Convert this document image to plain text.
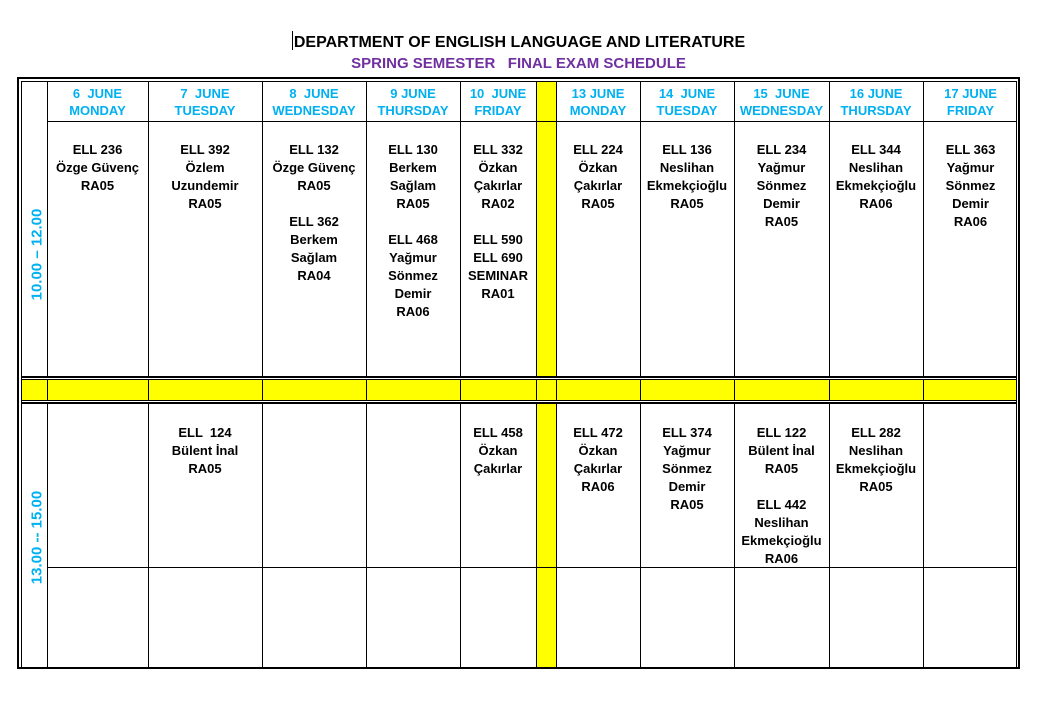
DEPARTMENT OF ENGLISH LANGUAGE AND LITERATURE
SPRING SEMESTER   FINAL EXAM SCHEDULE
10.00 – 12.00
13.00 -- 15.00
6  JUNE
MONDAY
7  JUNE
TUESDAY
8  JUNE
WEDNESDAY
9 JUNE
THURSDAY
10  JUNE
FRIDAY
13 JUNE
MONDAY
14  JUNE
TUESDAY
15  JUNE
WEDNESDAY
16 JUNE
THURSDAY
17 JUNE
FRIDAY
ELL 236
Özge Güvenç
RA05
ELL 392
Özlem
Uzundemir
RA05
ELL 132
Özge Güvenç
RA05
ELL 362
Berkem
Sağlam
RA04
ELL 130
Berkem
Sağlam
RA05
ELL 468
Yağmur
Sönmez
Demir
RA06
ELL 332
Özkan
Çakırlar
RA02
ELL 590
ELL 690
SEMINAR
RA01
ELL 224
Özkan
Çakırlar
RA05
ELL 136
Neslihan
Ekmekçioğlu
RA05
ELL 234
Yağmur
Sönmez
Demir
RA05
ELL 344
Neslihan
Ekmekçioğlu
RA06
ELL 363
Yağmur
Sönmez
Demir
RA06
ELL  124
Bülent İnal
RA05
ELL 458
Özkan
Çakırlar
ELL 472
Özkan
Çakırlar
RA06
ELL 374
Yağmur
Sönmez
Demir
RA05
ELL 122
Bülent İnal
RA05
ELL 442
Neslihan
Ekmekçioğlu
RA06
ELL 282
Neslihan
Ekmekçioğlu
RA05
